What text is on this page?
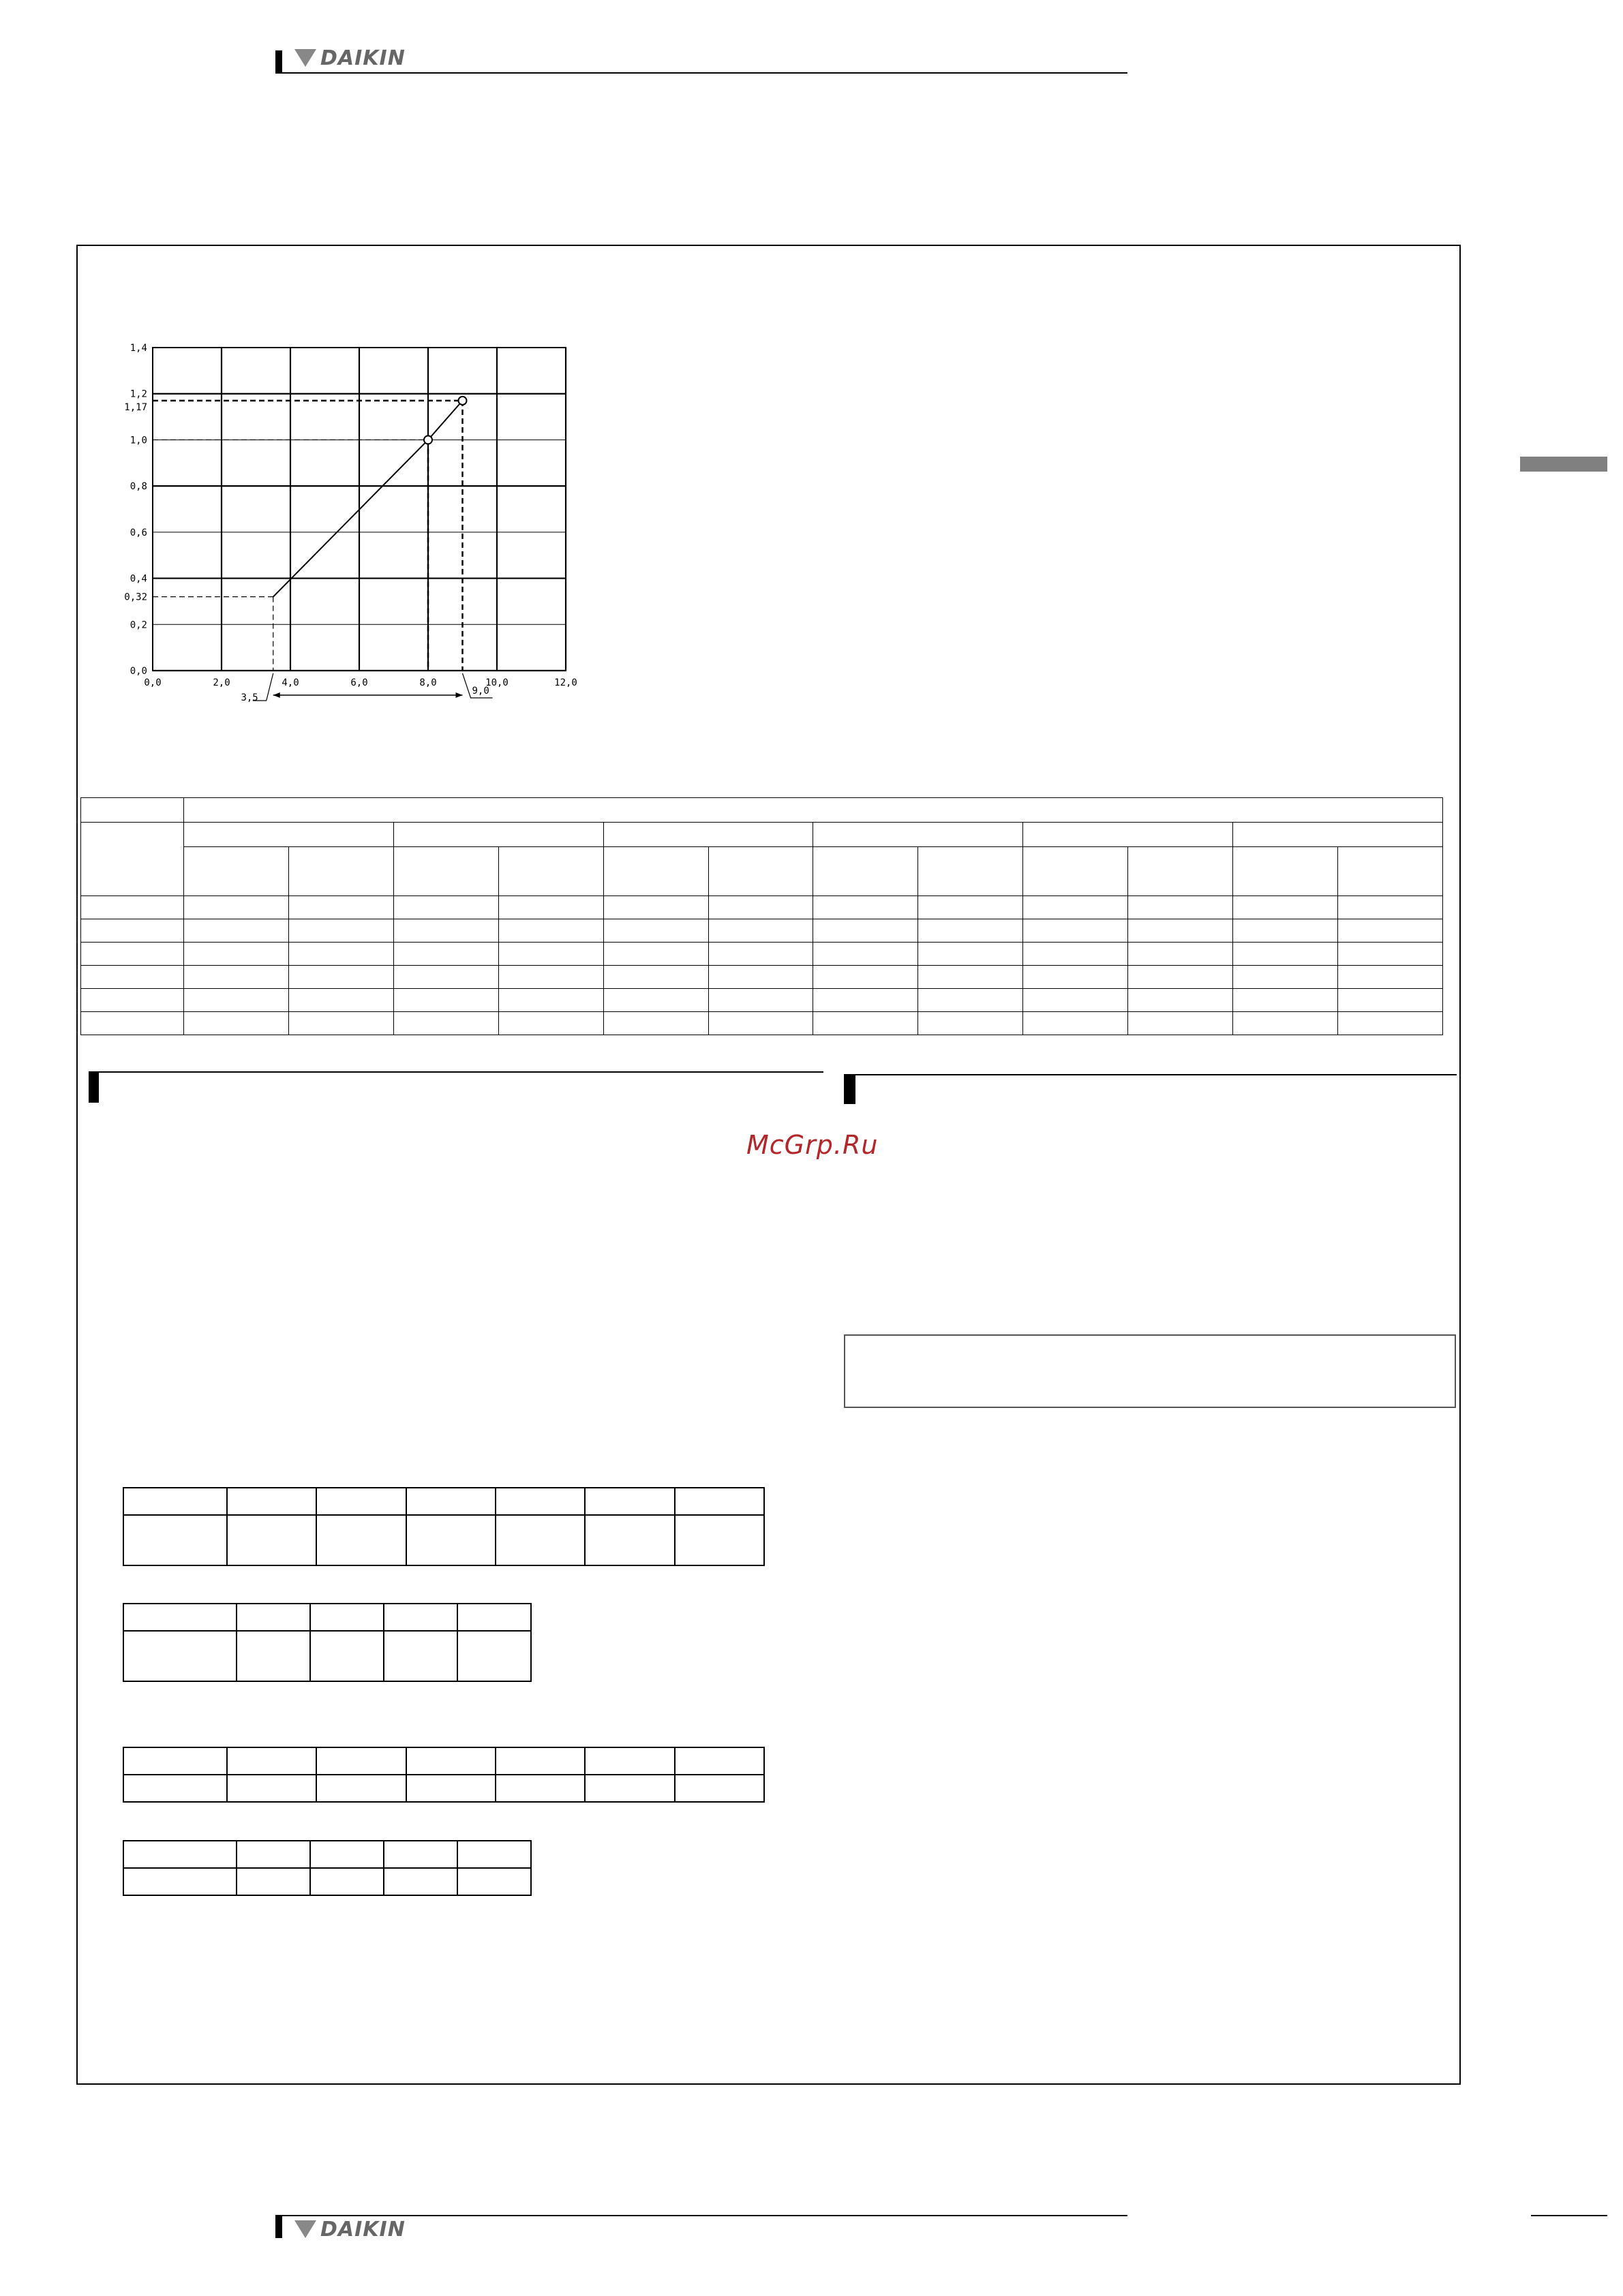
DAIKIN
0,0	2,0	4,0	6,0	8,0	10,0	12,0
0,0
0,2
0,4
0,6
0,8
1,0
1,2
1,4
1,17
0,32
3,5
9,0

McGrp.Ru

DAIKIN
